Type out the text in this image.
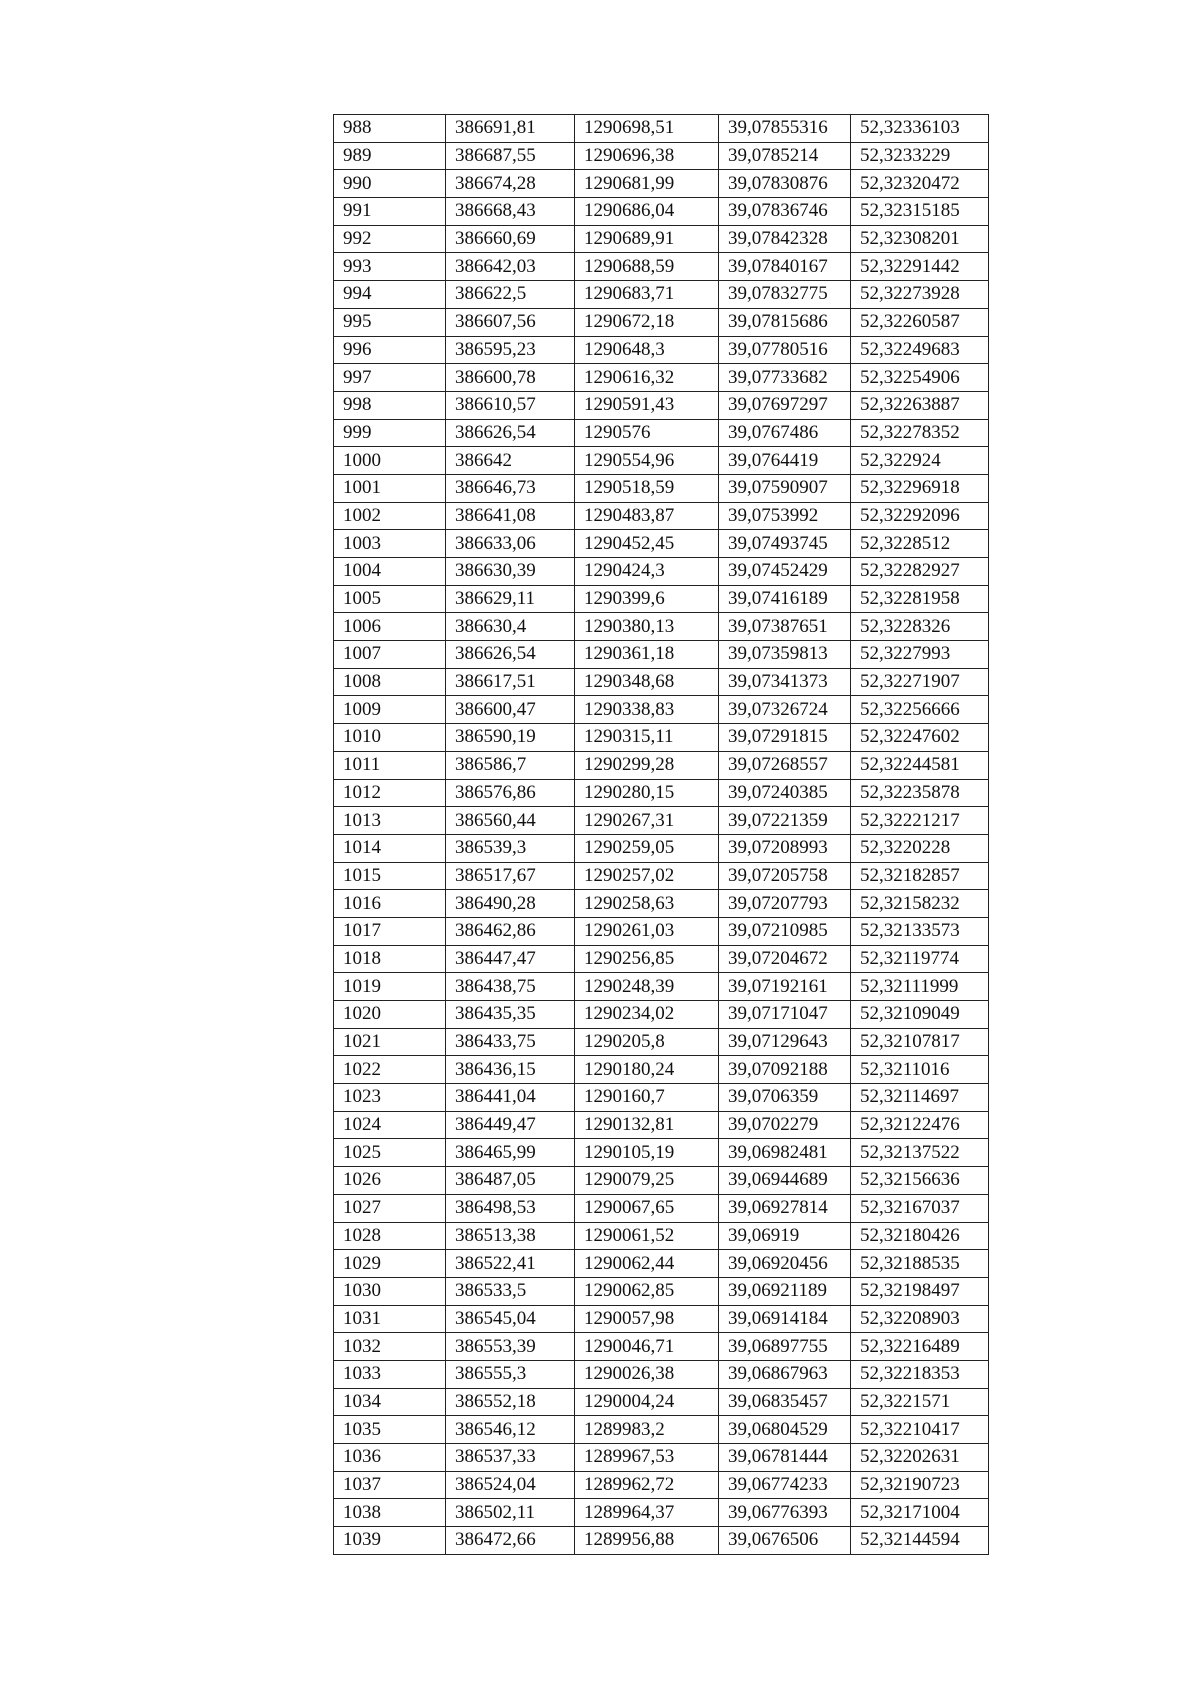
988	386691,81	1290698,51	39,07855316	52,32336103
989	386687,55	1290696,38	39,0785214	52,3233229
990	386674,28	1290681,99	39,07830876	52,32320472
991	386668,43	1290686,04	39,07836746	52,32315185
992	386660,69	1290689,91	39,07842328	52,32308201
993	386642,03	1290688,59	39,07840167	52,32291442
994	386622,5	1290683,71	39,07832775	52,32273928
995	386607,56	1290672,18	39,07815686	52,32260587
996	386595,23	1290648,3	39,07780516	52,32249683
997	386600,78	1290616,32	39,07733682	52,32254906
998	386610,57	1290591,43	39,07697297	52,32263887
999	386626,54	1290576	39,0767486	52,32278352
1000	386642	1290554,96	39,0764419	52,322924
1001	386646,73	1290518,59	39,07590907	52,32296918
1002	386641,08	1290483,87	39,0753992	52,32292096
1003	386633,06	1290452,45	39,07493745	52,3228512
1004	386630,39	1290424,3	39,07452429	52,32282927
1005	386629,11	1290399,6	39,07416189	52,32281958
1006	386630,4	1290380,13	39,07387651	52,3228326
1007	386626,54	1290361,18	39,07359813	52,3227993
1008	386617,51	1290348,68	39,07341373	52,32271907
1009	386600,47	1290338,83	39,07326724	52,32256666
1010	386590,19	1290315,11	39,07291815	52,32247602
1011	386586,7	1290299,28	39,07268557	52,32244581
1012	386576,86	1290280,15	39,07240385	52,32235878
1013	386560,44	1290267,31	39,07221359	52,32221217
1014	386539,3	1290259,05	39,07208993	52,3220228
1015	386517,67	1290257,02	39,07205758	52,32182857
1016	386490,28	1290258,63	39,07207793	52,32158232
1017	386462,86	1290261,03	39,07210985	52,32133573
1018	386447,47	1290256,85	39,07204672	52,32119774
1019	386438,75	1290248,39	39,07192161	52,32111999
1020	386435,35	1290234,02	39,07171047	52,32109049
1021	386433,75	1290205,8	39,07129643	52,32107817
1022	386436,15	1290180,24	39,07092188	52,3211016
1023	386441,04	1290160,7	39,0706359	52,32114697
1024	386449,47	1290132,81	39,0702279	52,32122476
1025	386465,99	1290105,19	39,06982481	52,32137522
1026	386487,05	1290079,25	39,06944689	52,32156636
1027	386498,53	1290067,65	39,06927814	52,32167037
1028	386513,38	1290061,52	39,06919	52,32180426
1029	386522,41	1290062,44	39,06920456	52,32188535
1030	386533,5	1290062,85	39,06921189	52,32198497
1031	386545,04	1290057,98	39,06914184	52,32208903
1032	386553,39	1290046,71	39,06897755	52,32216489
1033	386555,3	1290026,38	39,06867963	52,32218353
1034	386552,18	1290004,24	39,06835457	52,3221571
1035	386546,12	1289983,2	39,06804529	52,32210417
1036	386537,33	1289967,53	39,06781444	52,32202631
1037	386524,04	1289962,72	39,06774233	52,32190723
1038	386502,11	1289964,37	39,06776393	52,32171004
1039	386472,66	1289956,88	39,0676506	52,32144594
